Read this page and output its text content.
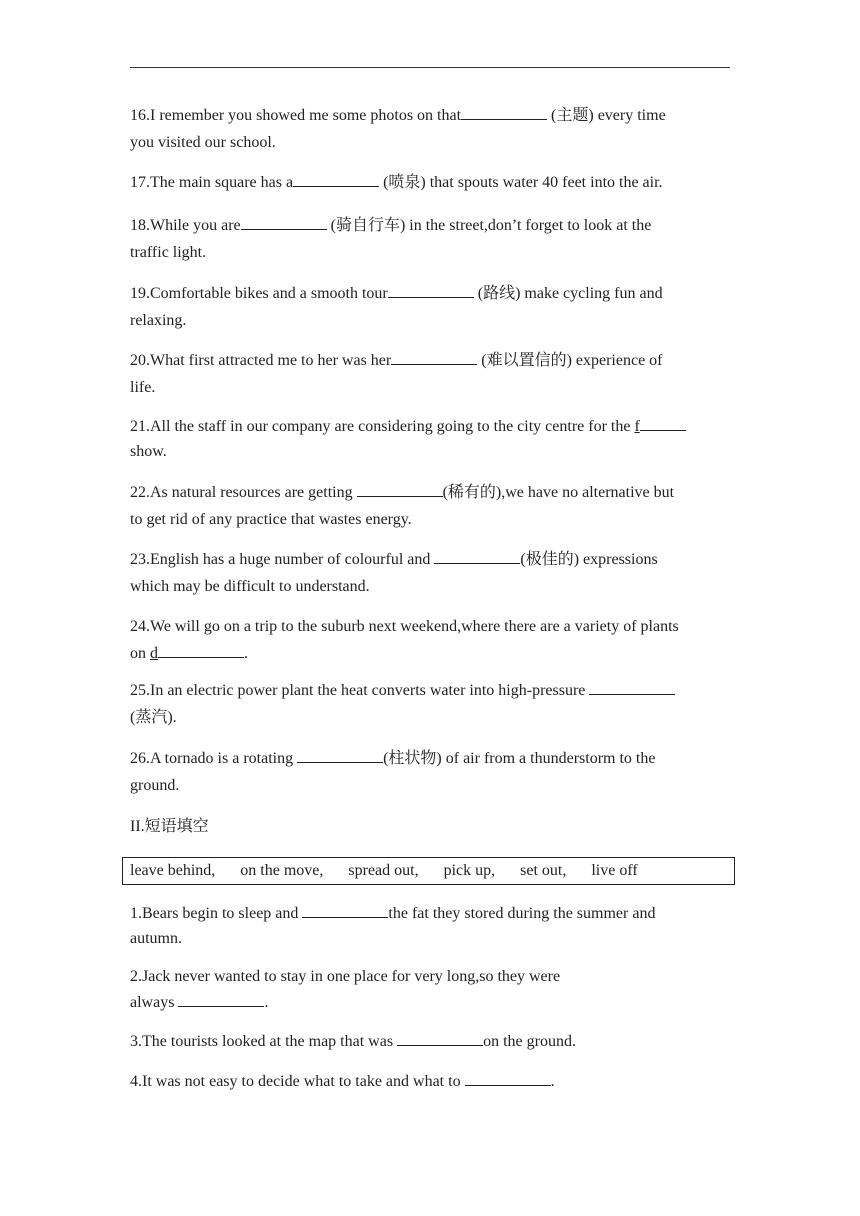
16.I remember you showed me some photos on that	(主题) every time
you visited our school.

17.The main square has a	(喷泉) that spouts water 40 feet into the air.

18.While you are	(骑自行车) in the street,don’t forget to look at the
traffic light.

19.Comfortable bikes and a smooth tour	(路线) make cycling fun and
relaxing.

20.What first attracted me to her was her	(难以置信的) experience of
life.

21.All the staff in our company are considering going to the city centre for the f
show.

22.As natural resources are getting	(稀有的),we have no alternative but
to get rid of any practice that wastes energy.

23.English has a huge number of colourful and	(极佳的) expressions
which may be difficult to understand.

24.We will go on a trip to the suburb next weekend,where there are a variety of plants
on d	.

25.In an electric power plant the heat converts water into high-pressure
(蒸汽).

26.A tornado is a rotating	(柱状物) of air from a thunderstorm to the
ground.

II.短语填空
leave behind, on the move, spread out, pick up, set out, live off

1.Bears begin to sleep and	the fat they stored during the summer and
autumn.

2.Jack never wanted to stay in one place for very long,so they were
always	.

3.The tourists looked at the map that was	on the ground.

4.It was not easy to decide what to take and what to	.
